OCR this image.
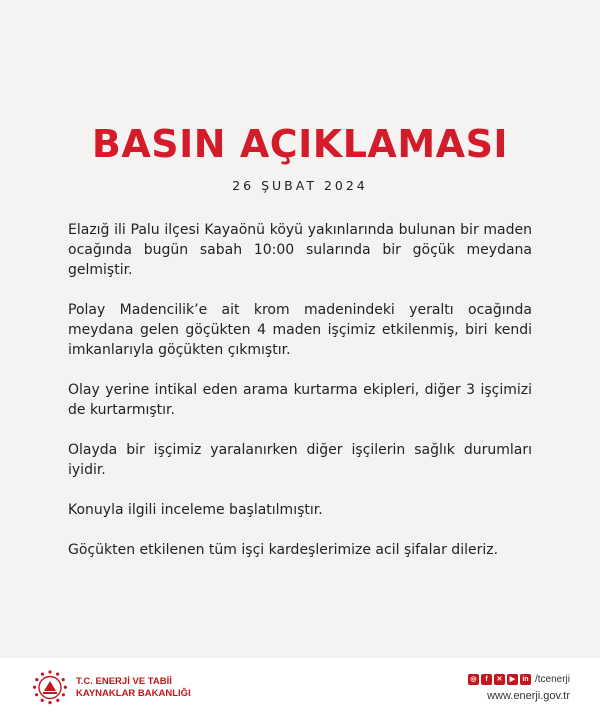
BASIN AÇIKLAMASI
26 ŞUBAT 2024

Elazığ ili Palu ilçesi Kayaönü köyü yakınlarında bulunan bir maden ocağında bugün sabah 10:00 sularında bir göçük meydana gelmiştir.

Polay Madencilik’e ait krom madenindeki yeraltı ocağında meydana gelen göçükten 4 maden işçimiz etkilenmiş, biri kendi imkanlarıyla göçükten çıkmıştır.

Olay yerine intikal eden arama kurtarma ekipleri, diğer 3 işçimizi de kurtarmıştır.

Olayda bir işçimiz yaralanırken diğer işçilerin sağlık durumları iyidir.

Konuyla ilgili inceleme başlatılmıştır.

Göçükten etkilenen tüm işçi kardeşlerimize acil şifalar dileriz.

T.C. ENERJİ VE TABİİ
KAYNAKLAR BAKANLIĞI
◎	f	✕	▶	in /tcenerji
www.enerji.gov.tr
